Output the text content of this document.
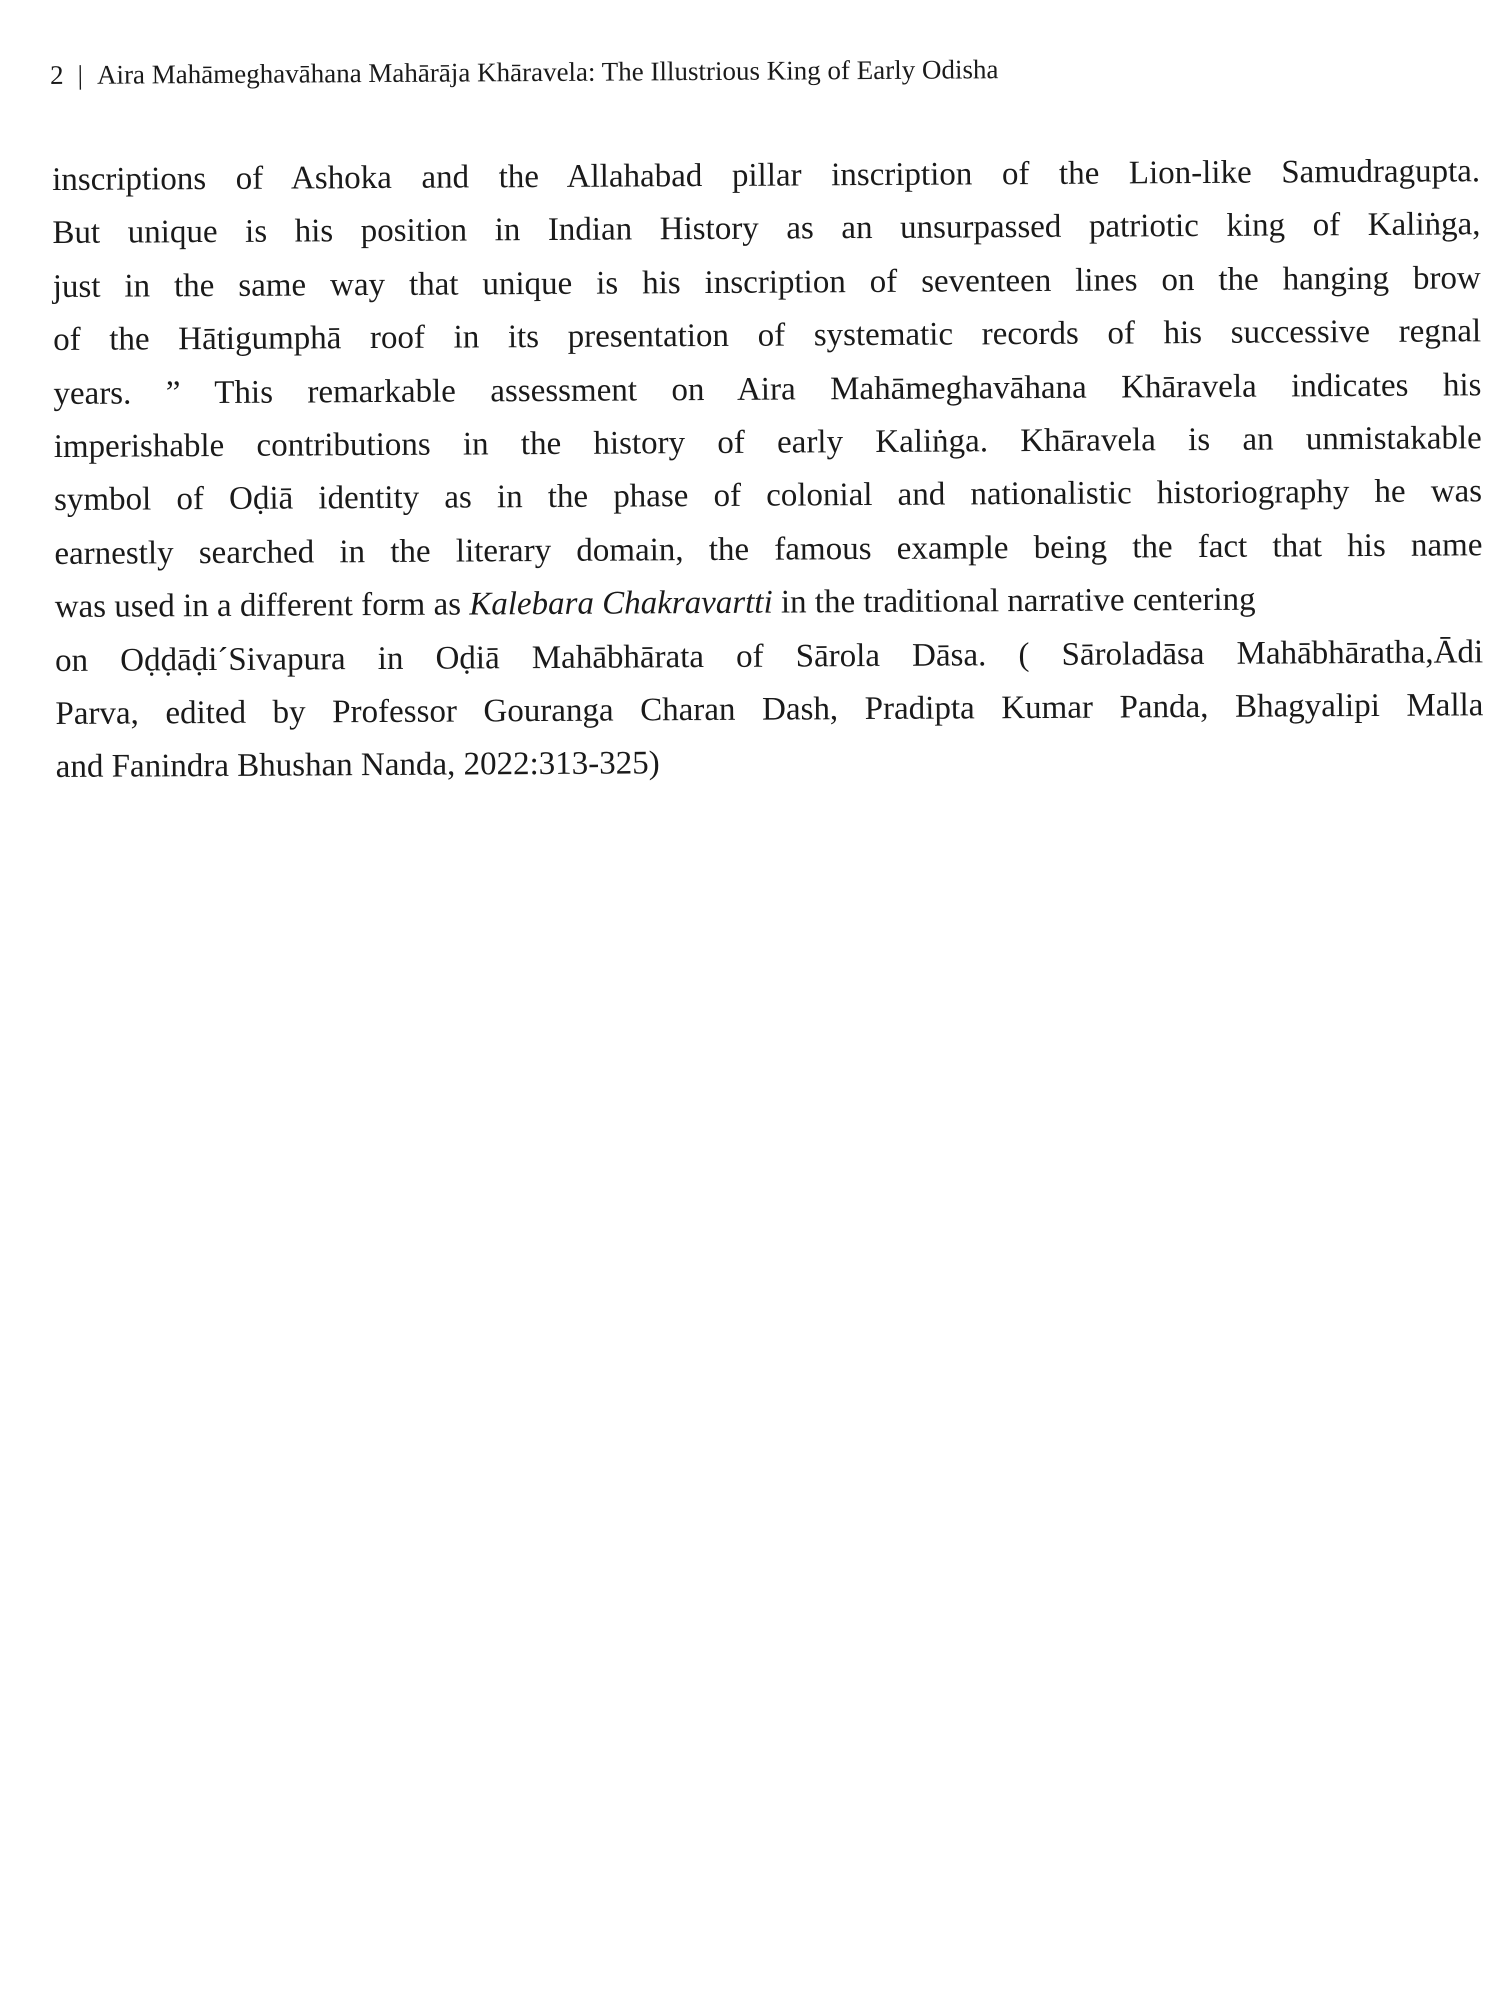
2 | Aira Mahāmeghavāhana Mahārāja Khāravela: The Illustrious King of Early Odisha
inscriptions of Ashoka and the Allahabad pillar inscription of the Lion-like Samudragupta.
But unique is his position in Indian History as an unsurpassed patriotic king of Kaliṅga,
just in the same way that unique is his inscription of seventeen lines on the hanging brow
of the Hātigumphā roof in its presentation of systematic records of his successive regnal
years. ” This remarkable assessment on Aira Mahāmeghavāhana Khāravela indicates his
imperishable contributions in the history of early Kaliṅga. Khāravela is an unmistakable
symbol of Oḍiā identity as in the phase of colonial and nationalistic historiography he was
earnestly searched in the literary domain, the famous example being the fact that his name
was used in a different form as Kalebara Chakravartti in the traditional narrative centering
on Oḍḍāḍi´Sivapura in Oḍiā Mahābhārata of Sārola Dāsa. ( Sāroladāsa Mahābhāratha,Ādi
Parva, edited by Professor Gouranga Charan Dash, Pradipta Kumar Panda, Bhagyalipi Malla
and Fanindra Bhushan Nanda, 2022:313-325)
